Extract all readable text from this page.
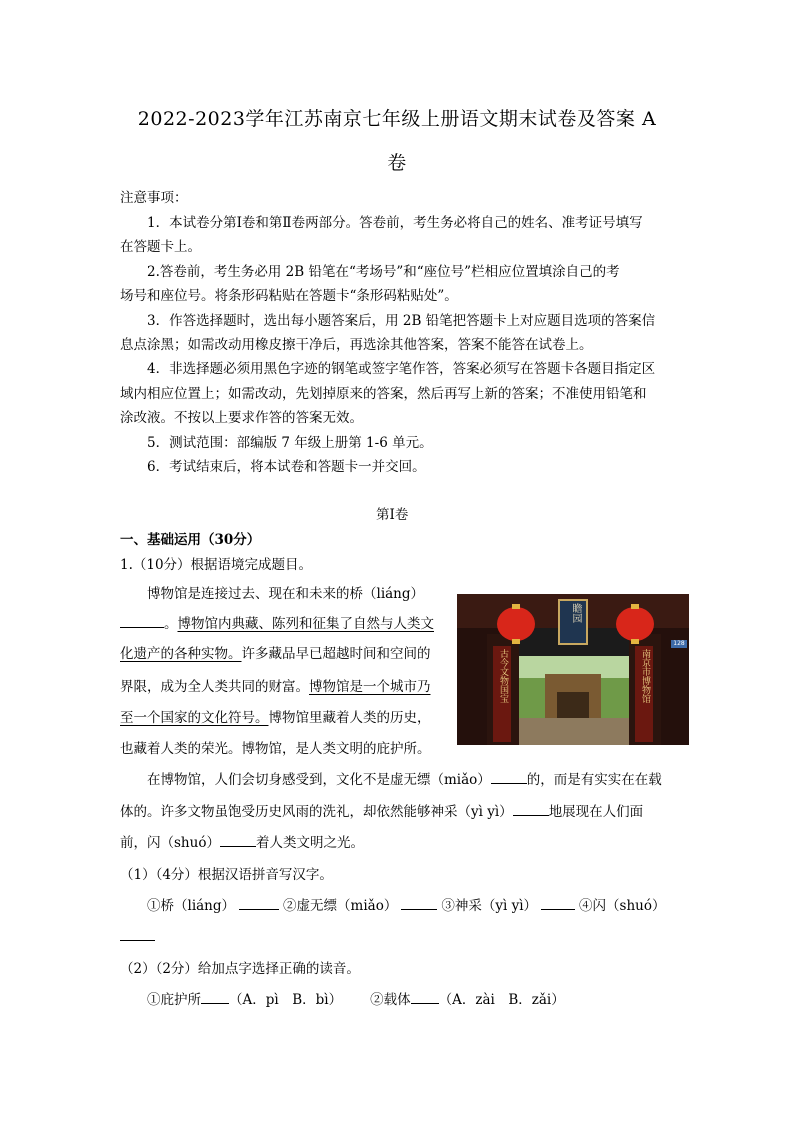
2022-2023学年江苏南京七年级上册语文期末试卷及答案 A
卷
注意事项：
1．本试卷分第Ⅰ卷和第Ⅱ卷两部分。答卷前，考生务必将自己的姓名、准考证号填写
在答题卡上。
2.答卷前，考生务必用 2B 铅笔在“考场号”和“座位号”栏相应位置填涂自己的考
场号和座位号。将条形码粘贴在答题卡“条形码粘贴处”。
3．作答选择题时，选出每小题答案后，用 2B 铅笔把答题卡上对应题目选项的答案信
息点涂黑；如需改动用橡皮擦干净后，再选涂其他答案，答案不能答在试卷上。
4．非选择题必须用黑色字迹的钢笔或签字笔作答，答案必须写在答题卡各题目指定区
域内相应位置上；如需改动，先划掉原来的答案，然后再写上新的答案；不准使用铅笔和
涂改液。不按以上要求作答的答案无效。
5．测试范围：部编版 7 年级上册第 1-6 单元。
6．考试结束后，将本试卷和答题卡一并交回。
第Ⅰ卷
一、基础运用（30分）
1.（10分）根据语境完成题目。
博物馆是连接过去、现在和未来的桥（liáng）
。博物馆内典藏、陈列和征集了自然与人类文
化遗产的各种实物。许多藏品早已超越时间和空间的
界限，成为全人类共同的财富。博物馆是一个城市乃
至一个国家的文化符号。博物馆里藏着人类的历史，
也藏着人类的荣光。博物馆，是人类文明的庇护所。
瞻园
古今文物国宝	南京市博物馆
128
在博物馆，人们会切身感受到，文化不是虚无缥（miǎo）	的，而是有实实在在载
体的。许多文物虽饱受历史风雨的洗礼，却依然能够神采（yì yì）	地展现在人们面
前，闪（shuó）	着人类文明之光。
（1）（4分）根据汉语拼音写汉字。
①桥（liáng）	②虚无缥（miǎo）	③神采（yì yì）	④闪（shuó）
（2）（2分）给加点字选择正确的读音。
①庇护所 （A．pì　B．bì） ②载体 （A．zài　B．zǎi）
